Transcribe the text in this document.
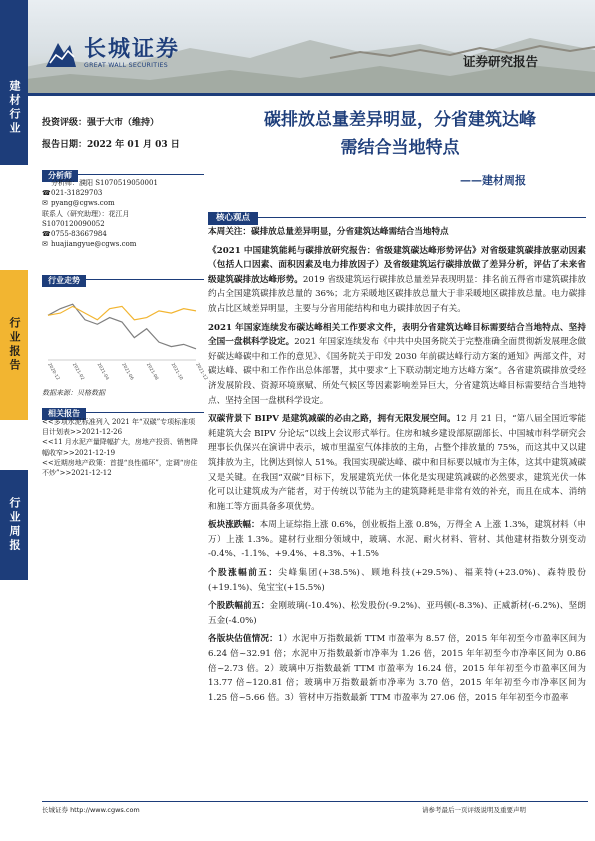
长城证券
GREAT WALL SECURITIES	证券研究报告
建材行业
行业报告
行业周报
投资评级：强于大市（维持）
报告日期：2022 年 01 月 03 日
分析师
分析师：濮阳 S1070519050001
☎021-31829703
✉ pyang@cgws.com
联系人（研究助理）：花江月
S1070120090052
☎0755-83667984
✉ huajiangyue@cgws.com
行业走势
2020-12 2021-02 2021-04 2021-06 2021-08 2021-10 2021-12
数据来源：贝格数据
相关报告
<<多项水泥标准列入 2021 年“双碳”专项标准项目计划表>>2021-12-26
<<11 月水泥产量降幅扩大，房地产投资、销售降幅收窄>>2021-12-19
<<近期房地产政策：首提“良性循环”，定调“房住不炒”>>2021-12-12
碳排放总量差异明显，分省建筑达峰
需结合当地特点
——建材周报
核心观点

本周关注：碳排放总量差异明显，分省建筑达峰需结合当地特点

《2021 中国建筑能耗与碳排放研究报告：省级建筑碳达峰形势评估》对省级建筑碳排放驱动因素（包括人口因素、面积因素及电力排放因子）及省级建筑运行碳排放做了差异分析，评估了未来省级建筑碳排放达峰形势。2019 省级建筑运行碳排放总量差异表现明显：排名前五得省市建筑碳排放约占全国建筑碳排放总量的 36%；北方采暖地区碳排放总量大于非采暖地区碳排放总量。电力碳排放占比区域差异明显，主要与分省用能结构和电力碳排放因子有关。

2021 年国家连续发布碳达峰相关工作要求文件，表明分省建筑达峰目标需要结合当地特点、坚持全国一盘棋科学设定。2021 年国家连续发布《中共中央国务院关于完整准确全面贯彻新发展理念做好碳达峰碳中和工作的意见》、《国务院关于印发 2030 年前碳达峰行动方案的通知》两部文件，对碳达峰、碳中和工作作出总体部署，其中要求“上下联动制定地方达峰方案”。各省建筑碳排放受经济发展阶段、资源环境禀赋、所处气候区等因素影响差异巨大，分省建筑达峰目标需要结合当地特点、坚持全国一盘棋科学设定。

双碳背景下 BIPV 是建筑减碳的必由之路，拥有无限发展空间。12 月 21 日，“第八届全国近零能耗建筑大会 BIPV 分论坛”以线上会议形式举行。住房和城乡建设部原副部长、中国城市科学研究会理事长仇保兴在演讲中表示，城市里温室气体排放的主角，占整个排放量的 75%，而这其中又以建筑排放为主，比例达到惊人 51%。我国实现碳达峰、碳中和目标要以城市为主体，这其中建筑减碳又是关键。在我国“双碳”目标下，发展建筑光伏一体化是实现建筑减碳的必然要求，建筑光伏一体化可以让建筑成为产能者，对于传统以节能为主的建筑降耗是非常有效的补充，而且在成本、消纳和施工等方面具备多项优势。

板块涨跌幅：本周上证综指上涨 0.6%，创业板指上涨 0.8%，万得全 A 上涨 1.3%，建筑材料（申万）上涨 1.3%。建材行业细分领域中，玻璃、水泥、耐火材料、管材、其他建材指数分别变动 -0.4%、-1.1%、+9.4%、+8.3%、+1.5%

个股涨幅前五：尖峰集团(+38.5%)、顾地科技(+29.5%)、福莱特(+23.0%)、森特股份(+19.1%)、兔宝宝(+15.5%)

个股跌幅前五：金刚玻璃(-10.4%)、松发股份(-9.2%)、亚玛顿(-8.3%)、正威新材(-6.2%)、坚朗五金(-4.0%)

各版块估值情况：1）水泥申万指数最新 TTM 市盈率为 8.57 倍，2015 年年初至今市盈率区间为 6.24 倍~32.91 倍；水泥申万指数最新市净率为 1.26 倍，2015 年年初至今市净率区间为 0.86 倍~2.73 倍。2）玻璃申万指数最新 TTM 市盈率为 16.24 倍，2015 年年初至今市盈率区间为 13.77 倍~120.81 倍；玻璃申万指数最新市净率为 3.70 倍，2015 年年初至今市净率区间为 1.25 倍~5.66 倍。3）管材申万指数最新 TTM 市盈率为 27.06 倍，2015 年年初至今市盈率

长城证券 http://www.cgws.com	请参考最后一页评级说明及重要声明
